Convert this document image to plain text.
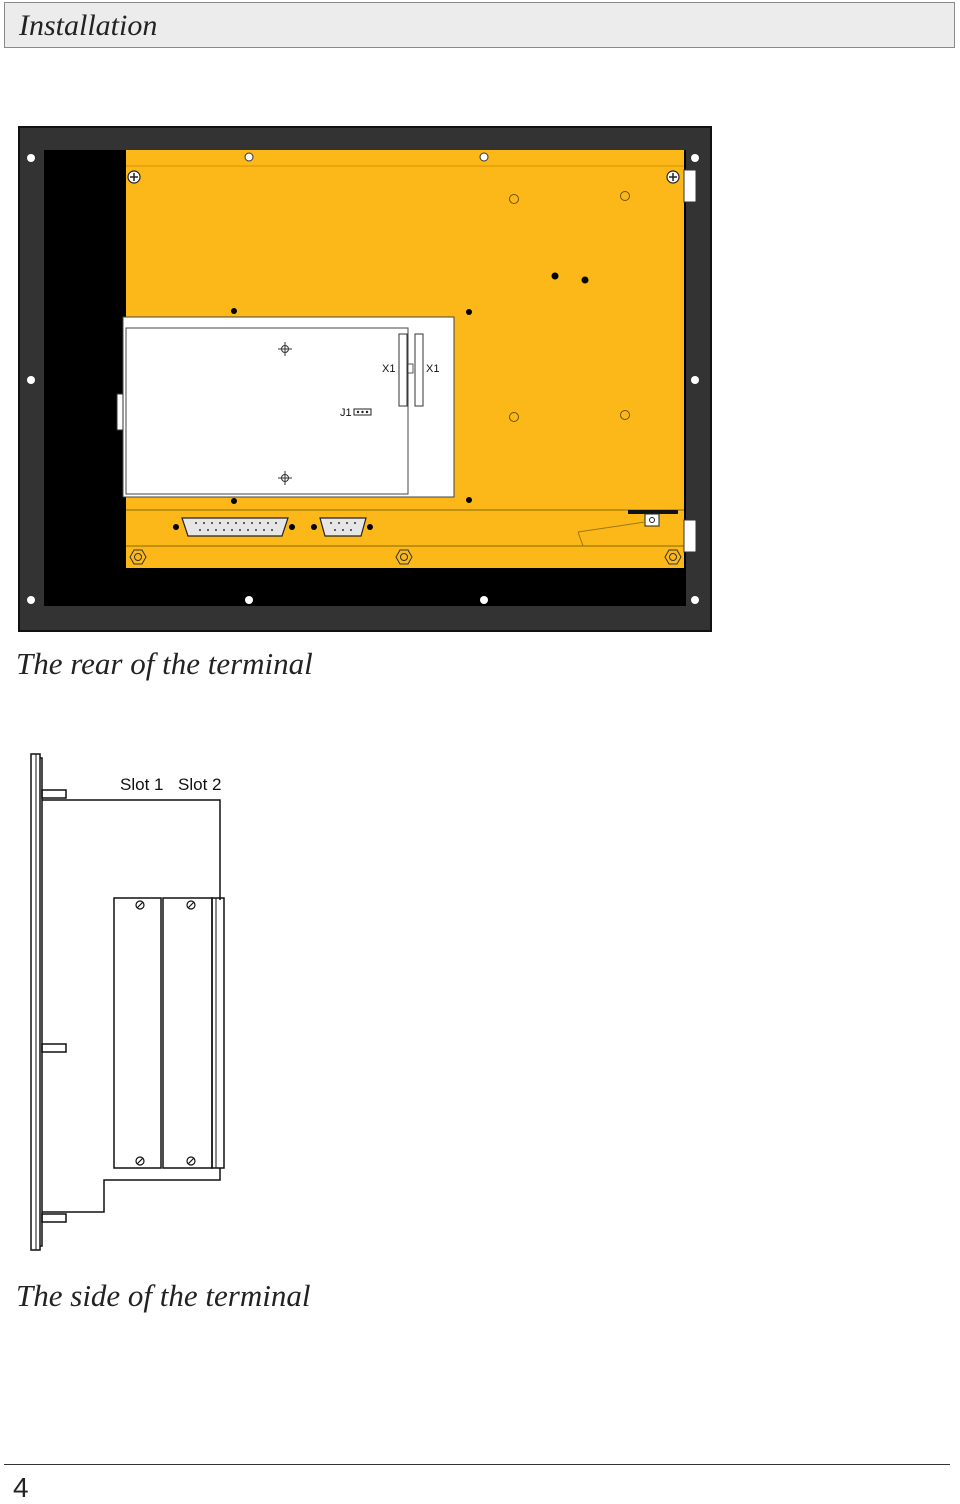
Installation
X1	X1
J1
The rear of the terminal
Slot 1 Slot 2
The side of the terminal
4
